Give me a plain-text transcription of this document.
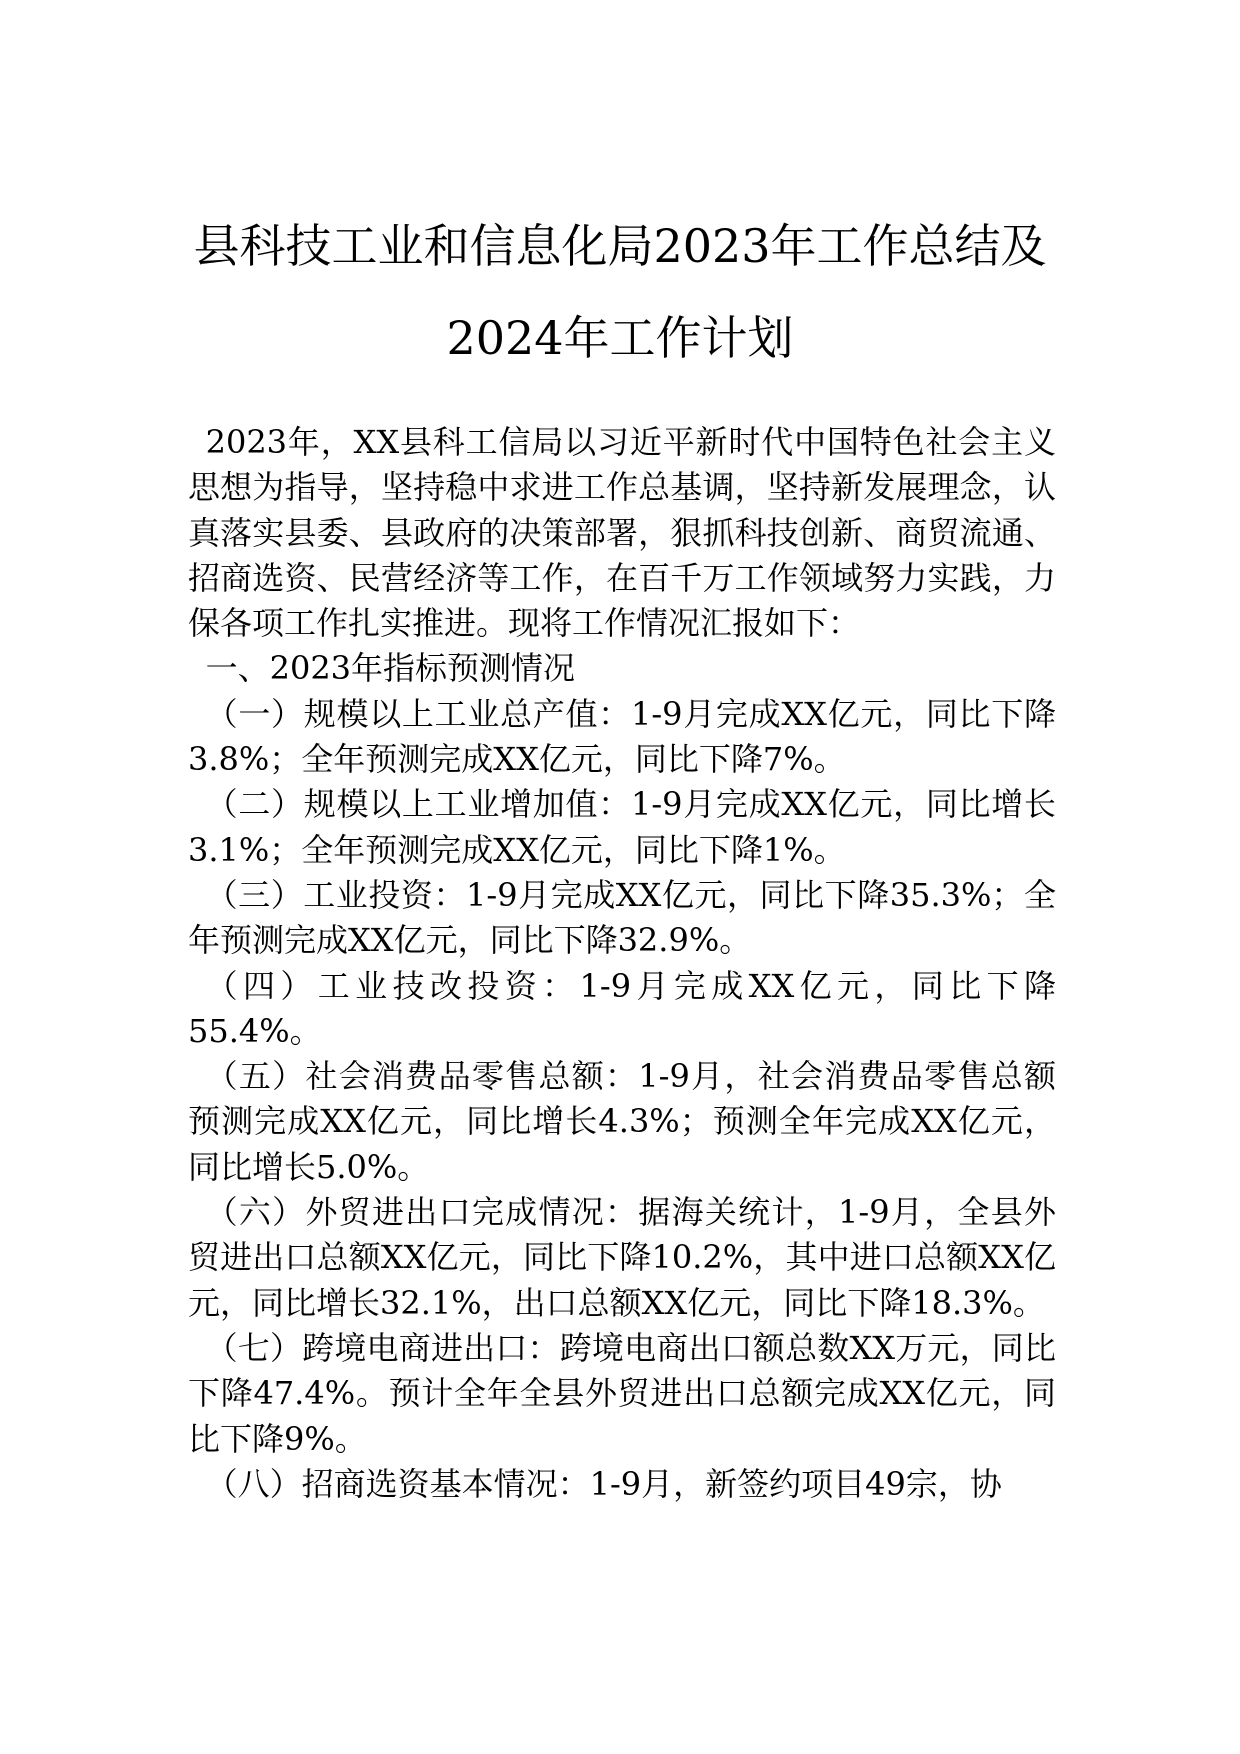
县科技工业和信息化局2023年工作总结及
2024年工作计划

2023年，XX县科工信局以习近平新时代中国特色社会主义思想为指导，坚持稳中求进工作总基调，坚持新发展理念，认真落实县委、县政府的决策部署，狠抓科技创新、商贸流通、招商选资、民营经济等工作，在百千万工作领域努力实践，力保各项工作扎实推进。现将工作情况汇报如下：

一、2023年指标预测情况

（一）规模以上工业总产值：1-9月完成XX亿元，同比下降3.8%；全年预测完成XX亿元，同比下降7%。

（二）规模以上工业增加值：1-9月完成XX亿元，同比增长3.1%；全年预测完成XX亿元，同比下降1%。

（三）工业投资：1-9月完成XX亿元，同比下降35.3%；全年预测完成XX亿元，同比下降32.9%。

（四）工业技改投资：1-9月完成XX亿元，同比下降55.4%。

（五）社会消费品零售总额：1-9月，社会消费品零售总额预测完成XX亿元，同比增长4.3%；预测全年完成XX亿元，同比增长5.0%。

（六）外贸进出口完成情况：据海关统计，1-9月，全县外贸进出口总额XX亿元，同比下降10.2%，其中进口总额XX亿元，同比增长32.1%，出口总额XX亿元，同比下降18.3%。

（七）跨境电商进出口：跨境电商出口额总数XX万元，同比下降47.4%。预计全年全县外贸进出口总额完成XX亿元，同比下降9%。

（八）招商选资基本情况：1-9月，新签约项目49宗，协
